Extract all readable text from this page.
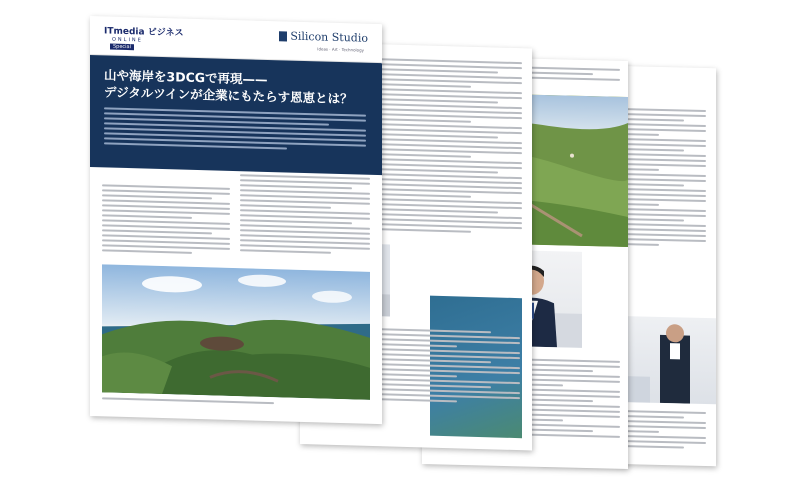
ITmedia ビジネス
ONLINE
Special
Silicon Studio
Ideas · Art · Technology
山や海岸を3DCGで再現——
デジタルツインが企業にもたらす恩恵とは？
